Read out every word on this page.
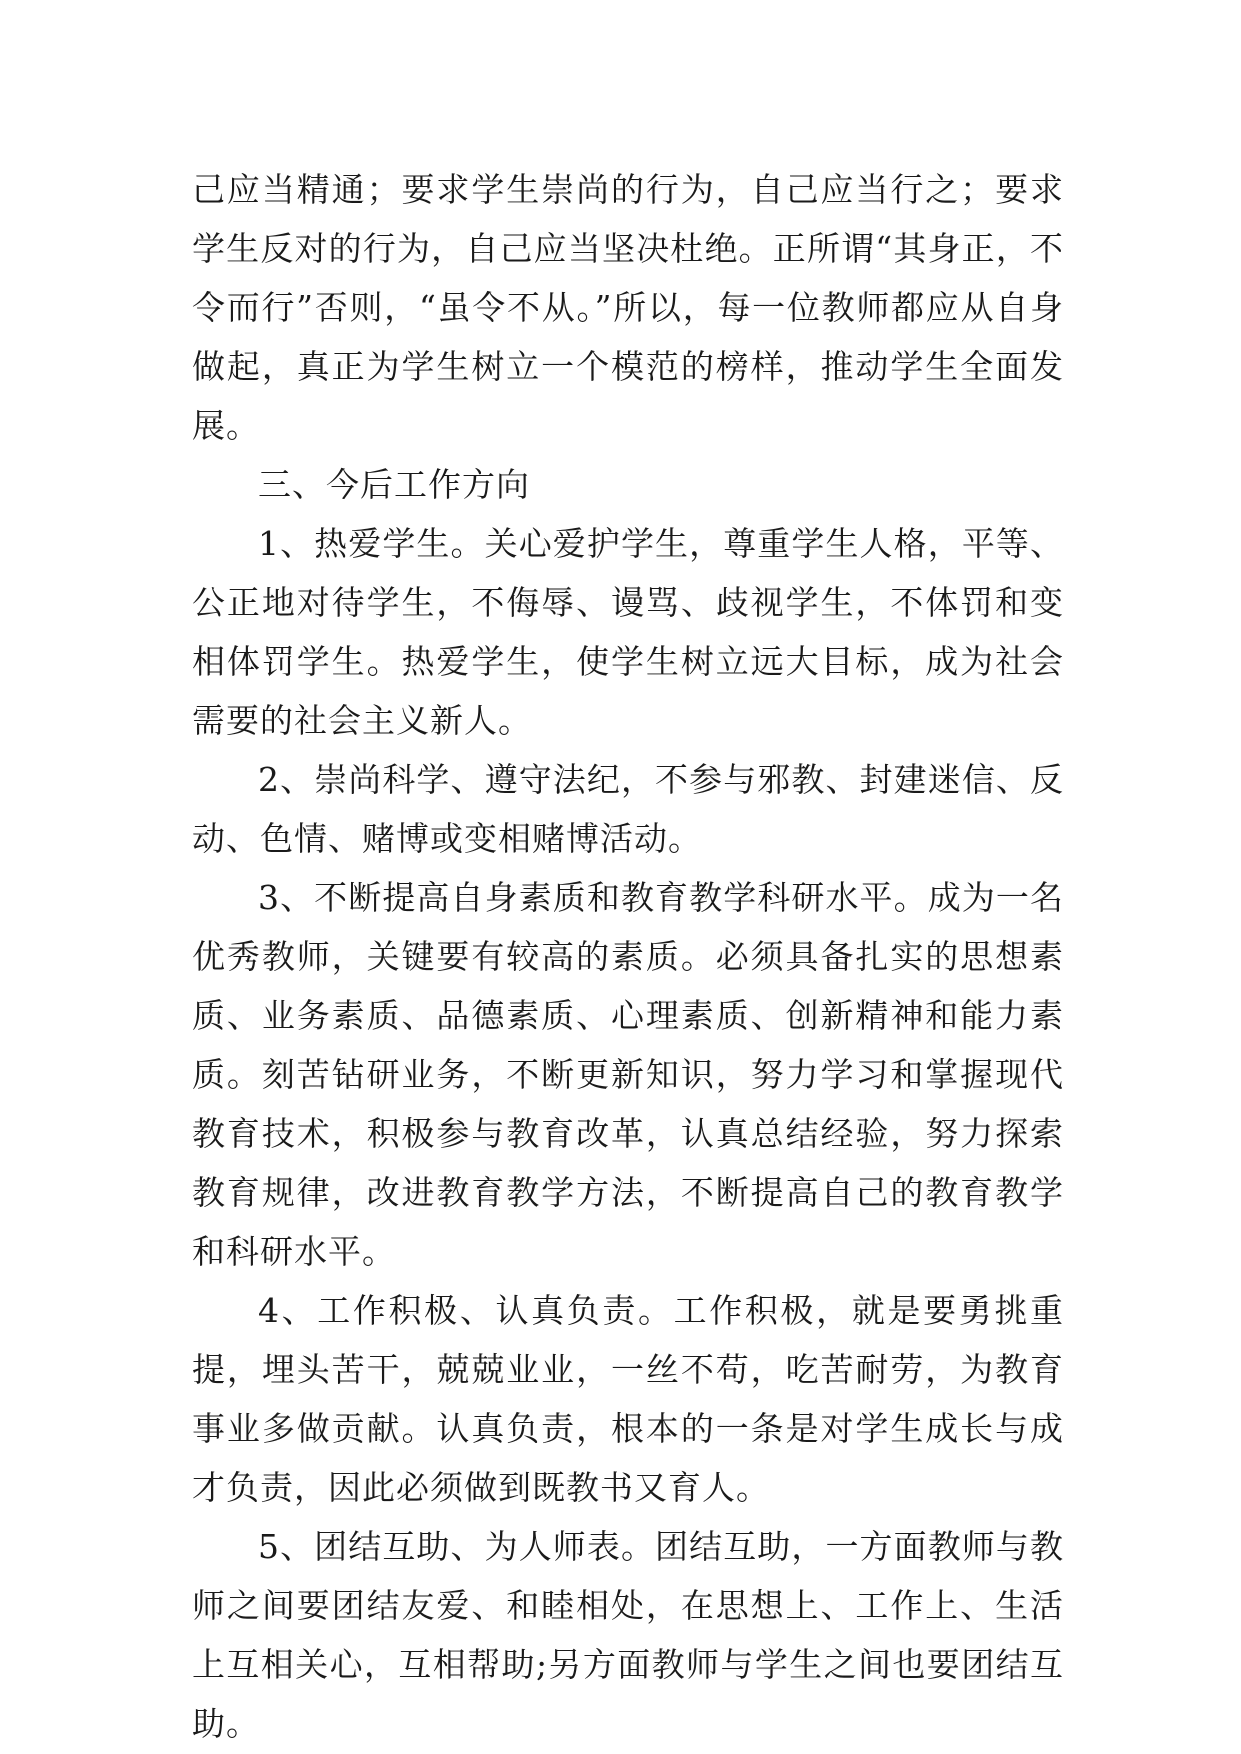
己应当精通；要求学生崇尚的行为，自己应当行之；要求学生反对的行为，自己应当坚决杜绝。正所谓“其身正，不令而行”否则，“虽令不从。”所以，每一位教师都应从自身做起，真正为学生树立一个模范的榜样，推动学生全面发展。

三、今后工作方向

1、热爱学生。关心爱护学生，尊重学生人格，平等、公正地对待学生，不侮辱、谩骂、歧视学生，不体罚和变相体罚学生。热爱学生，使学生树立远大目标，成为社会需要的社会主义新人。

2、崇尚科学、遵守法纪，不参与邪教、封建迷信、反动、色情、赌博或变相赌博活动。

3、不断提高自身素质和教育教学科研水平。成为一名优秀教师，关键要有较高的素质。必须具备扎实的思想素质、业务素质、品德素质、心理素质、创新精神和能力素质。刻苦钻研业务，不断更新知识，努力学习和掌握现代教育技术，积极参与教育改革，认真总结经验，努力探索教育规律，改进教育教学方法，不断提高自己的教育教学和科研水平。

4、工作积极、认真负责。工作积极，就是要勇挑重提，埋头苦干，兢兢业业，一丝不苟，吃苦耐劳，为教育事业多做贡献。认真负责，根本的一条是对学生成长与成才负责，因此必须做到既教书又育人。

5、团结互助、为人师表。团结互助，一方面教师与教师之间要团结友爱、和睦相处，在思想上、工作上、生活上互相关心，互相帮助;另方面教师与学生之间也要团结互助。
